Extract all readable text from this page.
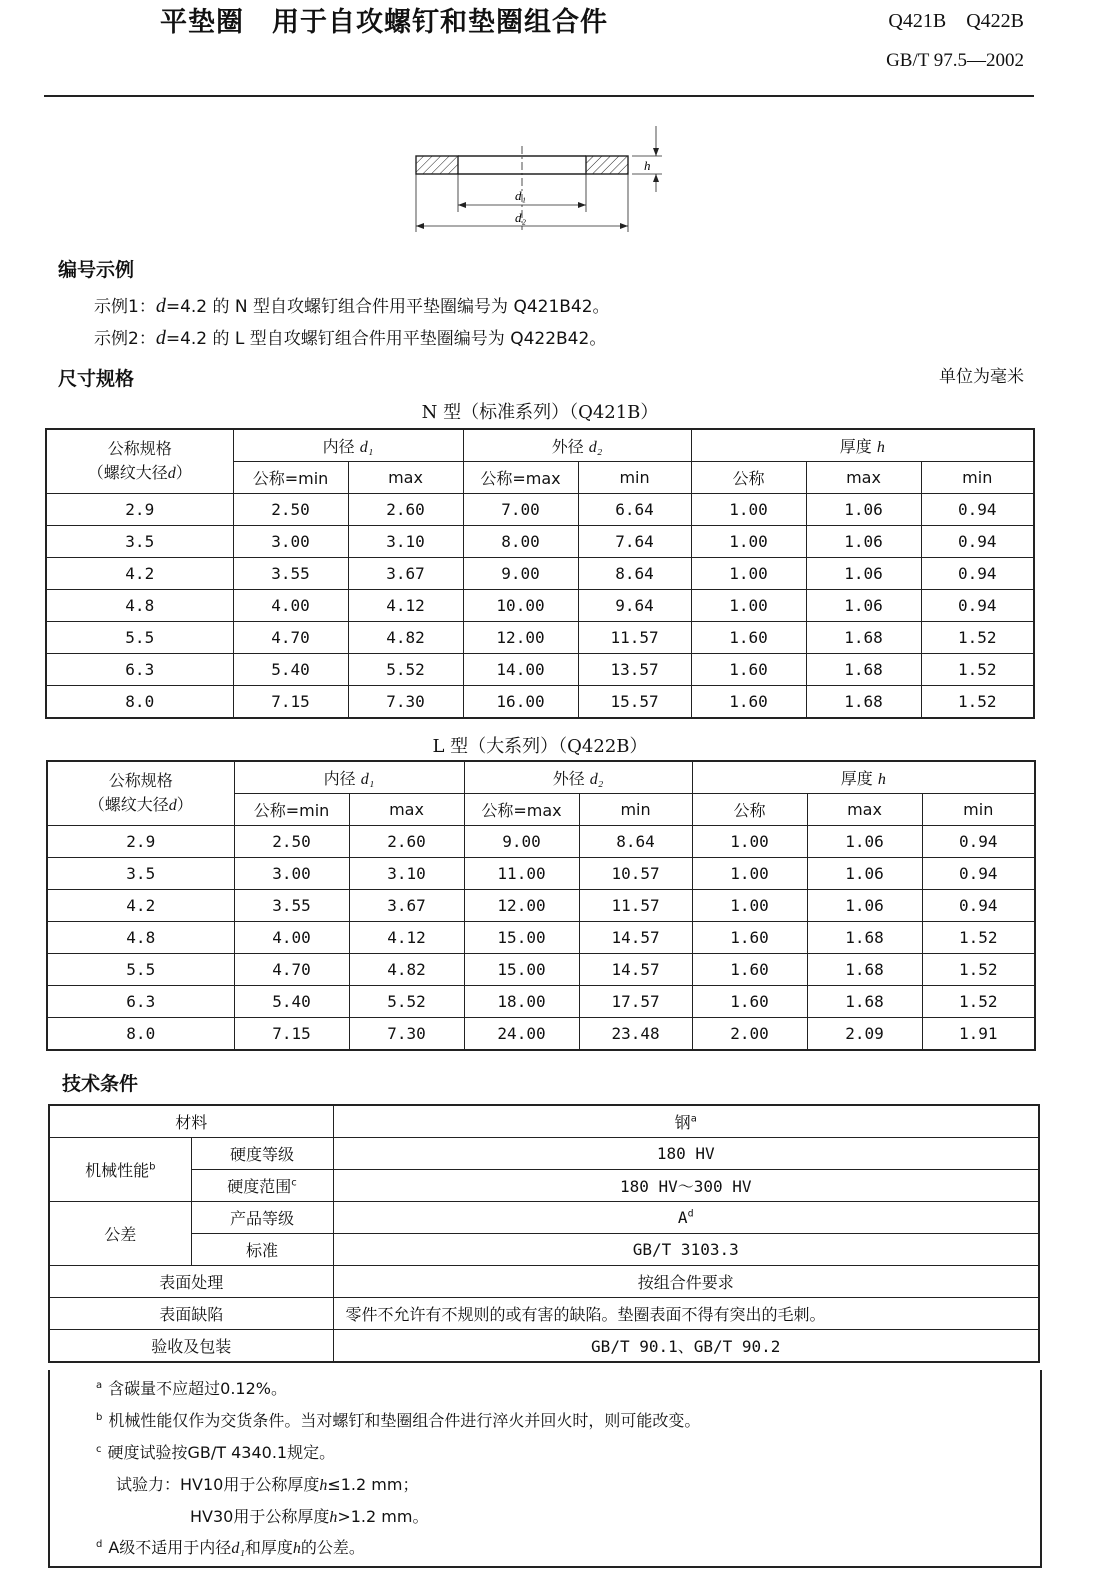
平垫圈　用于自攻螺钉和垫圈组合件	Q421B　Q422B
GB/T 97.5—2002
h
d₁
d₂
编号示例
示例1：d=4.2 的 N 型自攻螺钉组合件用平垫圈编号为 Q421B42。
示例2：d=4.2 的 L 型自攻螺钉组合件用平垫圈编号为 Q422B42。
尺寸规格	单位为毫米
N 型（标准系列）（Q421B）
公称规格
（螺纹大径d）	内径 d₁		外径 d₂		厚度 h		
	公称=min	max	公称=max	min	公称	max	min
2.9	2.50	2.60	7.00	6.64	1.00	1.06	0.94
3.5	3.00	3.10	8.00	7.64	1.00	1.06	0.94
4.2	3.55	3.67	9.00	8.64	1.00	1.06	0.94
4.8	4.00	4.12	10.00	9.64	1.00	1.06	0.94
5.5	4.70	4.82	12.00	11.57	1.60	1.68	1.52
6.3	5.40	5.52	14.00	13.57	1.60	1.68	1.52
8.0	7.15	7.30	16.00	15.57	1.60	1.68	1.52
L 型（大系列）（Q422B）
公称规格
（螺纹大径d）	内径 d₁		外径 d₂		厚度 h		
	公称=min	max	公称=max	min	公称	max	min
2.9	2.50	2.60	9.00	8.64	1.00	1.06	0.94
3.5	3.00	3.10	11.00	10.57	1.00	1.06	0.94
4.2	3.55	3.67	12.00	11.57	1.00	1.06	0.94
4.8	4.00	4.12	15.00	14.57	1.60	1.68	1.52
5.5	4.70	4.82	15.00	14.57	1.60	1.68	1.52
6.3	5.40	5.52	18.00	17.57	1.60	1.68	1.52
8.0	7.15	7.30	24.00	23.48	2.00	2.09	1.91
技术条件
材料		钢$^a$
机械性能$^b$	硬度等级	180 HV
	硬度范围$^c$	180 HV～300 HV
公差	产品等级	$A^d$
	标准	GB/T 3103.3
表面处理		按组合件要求
表面缺陷		零件不允许有不规则的或有害的缺陷。垫圈表面不得有突出的毛刺。
验收及包装		GB/T 90.1、GB/T 90.2
$^a$ 含碳量不应超过0.12%。
$^b$ 机械性能仅作为交货条件。当对螺钉和垫圈组合件进行淬火并回火时，则可能改变。
$^c$ 硬度试验按GB/T 4340.1规定。
试验力：HV10用于公称厚度h≤1.2 mm；
HV30用于公称厚度h>1.2 mm。
$^d$ A级不适用于内径d₁和厚度h的公差。
